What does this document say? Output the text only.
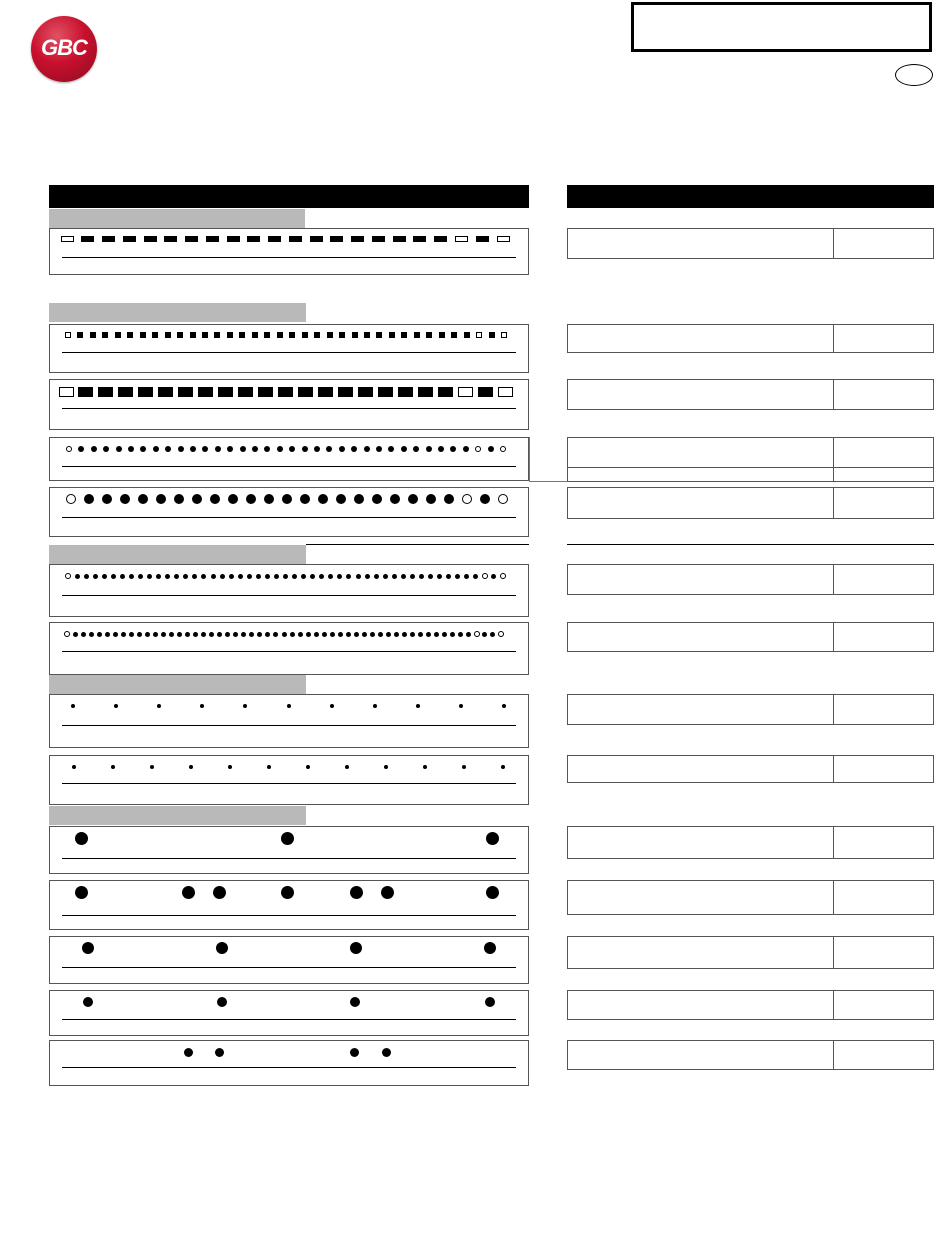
GBC
